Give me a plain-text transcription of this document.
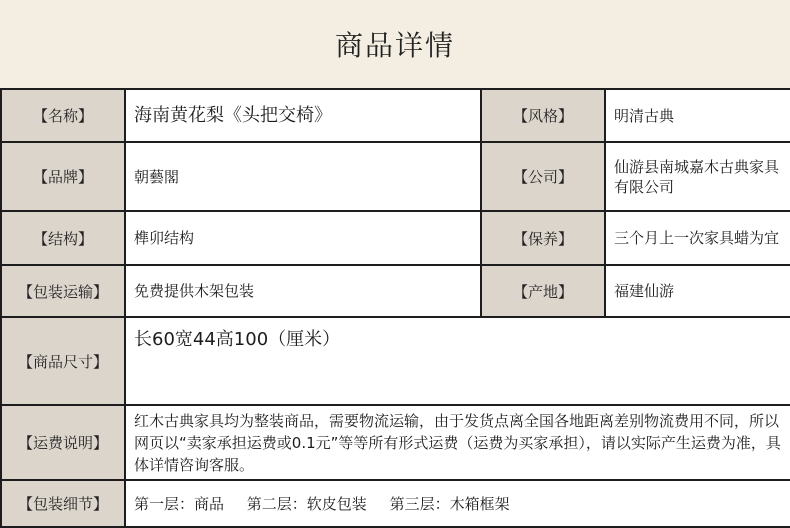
商品详情
【名称】	海南黄花梨《头把交椅》	【风格】	明清古典
【品牌】	朝藝閣	【公司】	仙游县南城嘉木古典家具有限公司
【结构】	榫卯结构	【保养】	三个月上一次家具蜡为宜
【包装运输】	免费提供木架包装	【产地】	福建仙游
【商品尺寸】	长60宽44高100（厘米）		
【运费说明】	红木古典家具均为整装商品，需要物流运输，由于发货点离全国各地距离差别物流费用不同，所以网页以“卖家承担运费或0.1元”等等所有形式运费（运费为买家承担），请以实际产生运费为准，具体详情咨询客服。		
【包装细节】	第一层：商品 第二层：软皮包装 第三层：木箱框架		
